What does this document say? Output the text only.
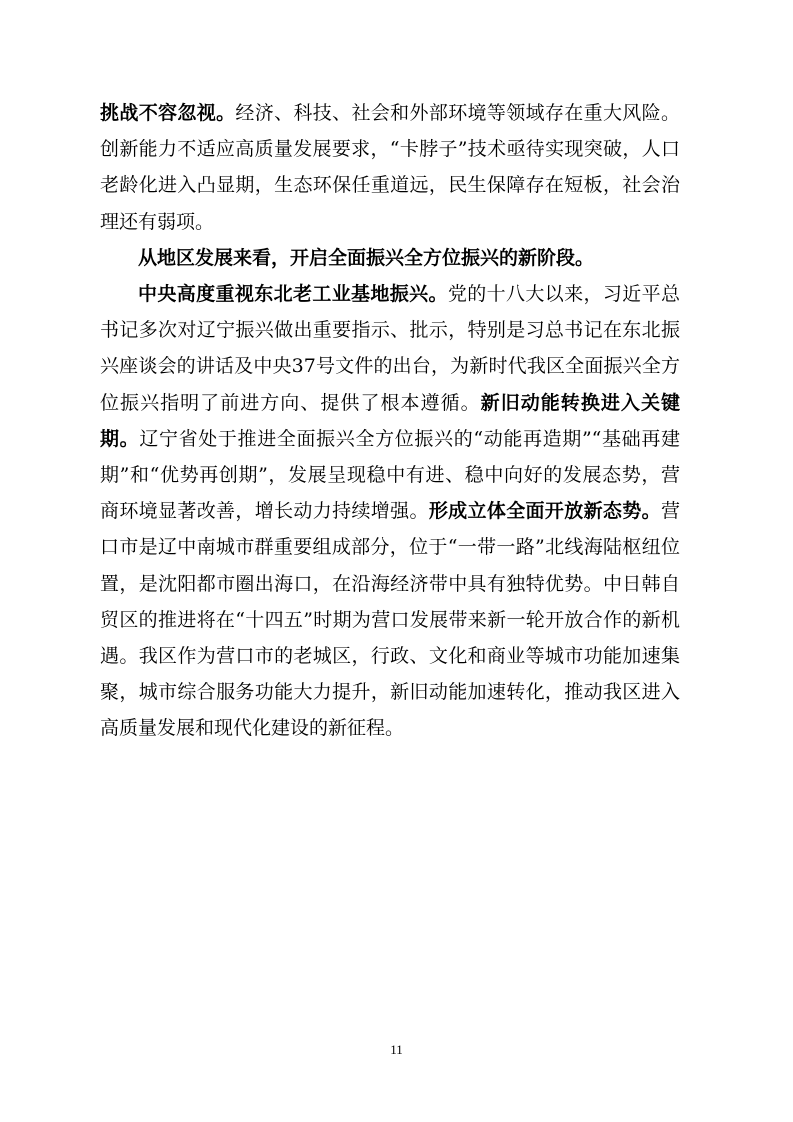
挑战不容忽视。经济、科技、社会和外部环境等领域存在重大风险。创新能力不适应高质量发展要求，“卡脖子”技术亟待实现突破，人口老龄化进入凸显期，生态环保任重道远，民生保障存在短板，社会治理还有弱项。

从地区发展来看，开启全面振兴全方位振兴的新阶段。

中央高度重视东北老工业基地振兴。党的十八大以来，习近平总书记多次对辽宁振兴做出重要指示、批示，特别是习总书记在东北振兴座谈会的讲话及中央37号文件的出台，为新时代我区全面振兴全方位振兴指明了前进方向、提供了根本遵循。新旧动能转换进入关键期。辽宁省处于推进全面振兴全方位振兴的“动能再造期”“基础再建期”和“优势再创期”，发展呈现稳中有进、稳中向好的发展态势，营商环境显著改善，增长动力持续增强。形成立体全面开放新态势。营口市是辽中南城市群重要组成部分，位于“一带一路”北线海陆枢纽位置，是沈阳都市圈出海口，在沿海经济带中具有独特优势。中日韩自贸区的推进将在“十四五”时期为营口发展带来新一轮开放合作的新机遇。我区作为营口市的老城区，行政、文化和商业等城市功能加速集聚，城市综合服务功能大力提升，新旧动能加速转化，推动我区进入高质量发展和现代化建设的新征程。

11
